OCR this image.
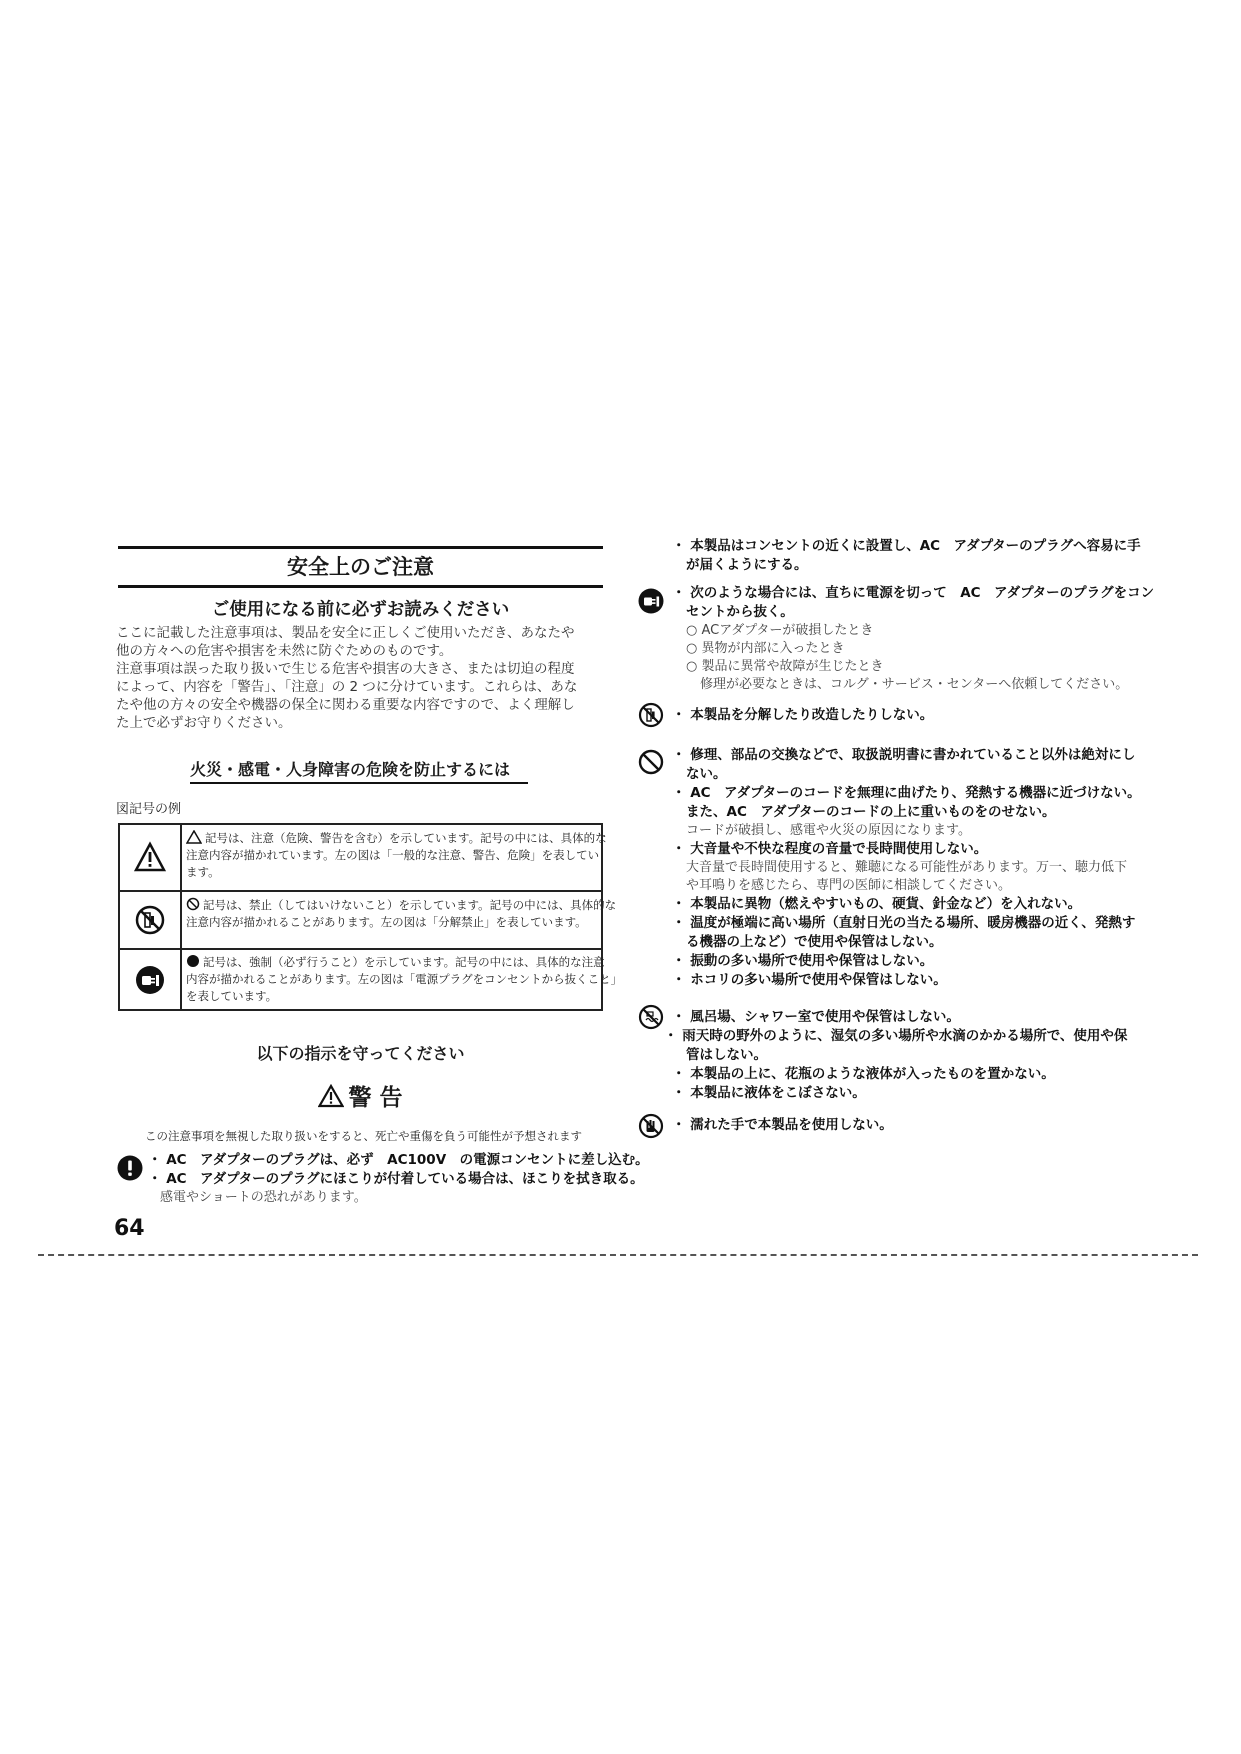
安全上のご注意
ご使用になる前に必ずお読みください
ここに記載した注意事項は、製品を安全に正しくご使用いただき、あなたや
他の方々への危害や損害を未然に防ぐためのものです。
注意事項は誤った取り扱いで生じる危害や損害の大きさ、または切迫の程度
によって、内容を「警告」、「注意」の 2 つに分けています。これらは、あな
たや他の方々の安全や機器の保全に関わる重要な内容ですので、よく理解し
た上で必ずお守りください。
火災・感電・人身障害の危険を防止するには
図記号の例
記号は、注意（危険、警告を含む）を示しています。記号の中には、具体的な
注意内容が描かれています。左の図は「一般的な注意、警告、危険」を表してい
ます。
記号は、禁止（してはいけないこと）を示しています。記号の中には、具体的な
注意内容が描かれることがあります。左の図は「分解禁止」を表しています。
記号は、強制（必ず行うこと）を示しています。記号の中には、具体的な注意
内容が描かれることがあります。左の図は「電源プラグをコンセントから抜くこと」
を表しています。
以下の指示を守ってください
警 告
この注意事項を無視した取り扱いをすると、死亡や重傷を負う可能性が予想されます
・ AC　アダプターのプラグは、必ず　AC100V　の電源コンセントに差し込む。
・ AC　アダプターのプラグにほこりが付着している場合は、ほこりを拭き取る。
感電やショートの恐れがあります。
64
・ 本製品はコンセントの近くに設置し、AC　アダプターのプラグへ容易に手
が届くようにする。
・ 次のような場合には、直ちに電源を切って　AC　アダプターのプラグをコン
セントから抜く。
○ ACアダプターが破損したとき
○ 異物が内部に入ったとき
○ 製品に異常や故障が生じたとき
修理が必要なときは、コルグ・サービス・センターへ依頼してください。
・ 本製品を分解したり改造したりしない。
・ 修理、部品の交換などで、取扱説明書に書かれていること以外は絶対にし
ない。
・ AC　アダプターのコードを無理に曲げたり、発熱する機器に近づけない。
また、AC　アダプターのコードの上に重いものをのせない。
コードが破損し、感電や火災の原因になります。
・ 大音量や不快な程度の音量で長時間使用しない。
大音量で長時間使用すると、難聴になる可能性があります。万一、聴力低下
や耳鳴りを感じたら、専門の医師に相談してください。
・ 本製品に異物（燃えやすいもの、硬貨、針金など）を入れない。
・ 温度が極端に高い場所（直射日光の当たる場所、暖房機器の近く、発熱す
る機器の上など）で使用や保管はしない。
・ 振動の多い場所で使用や保管はしない。
・ ホコリの多い場所で使用や保管はしない。
・ 風呂場、シャワー室で使用や保管はしない。
・ 雨天時の野外のように、湿気の多い場所や水滴のかかる場所で、使用や保
管はしない。
・ 本製品の上に、花瓶のような液体が入ったものを置かない。
・ 本製品に液体をこぼさない。
・ 濡れた手で本製品を使用しない。
